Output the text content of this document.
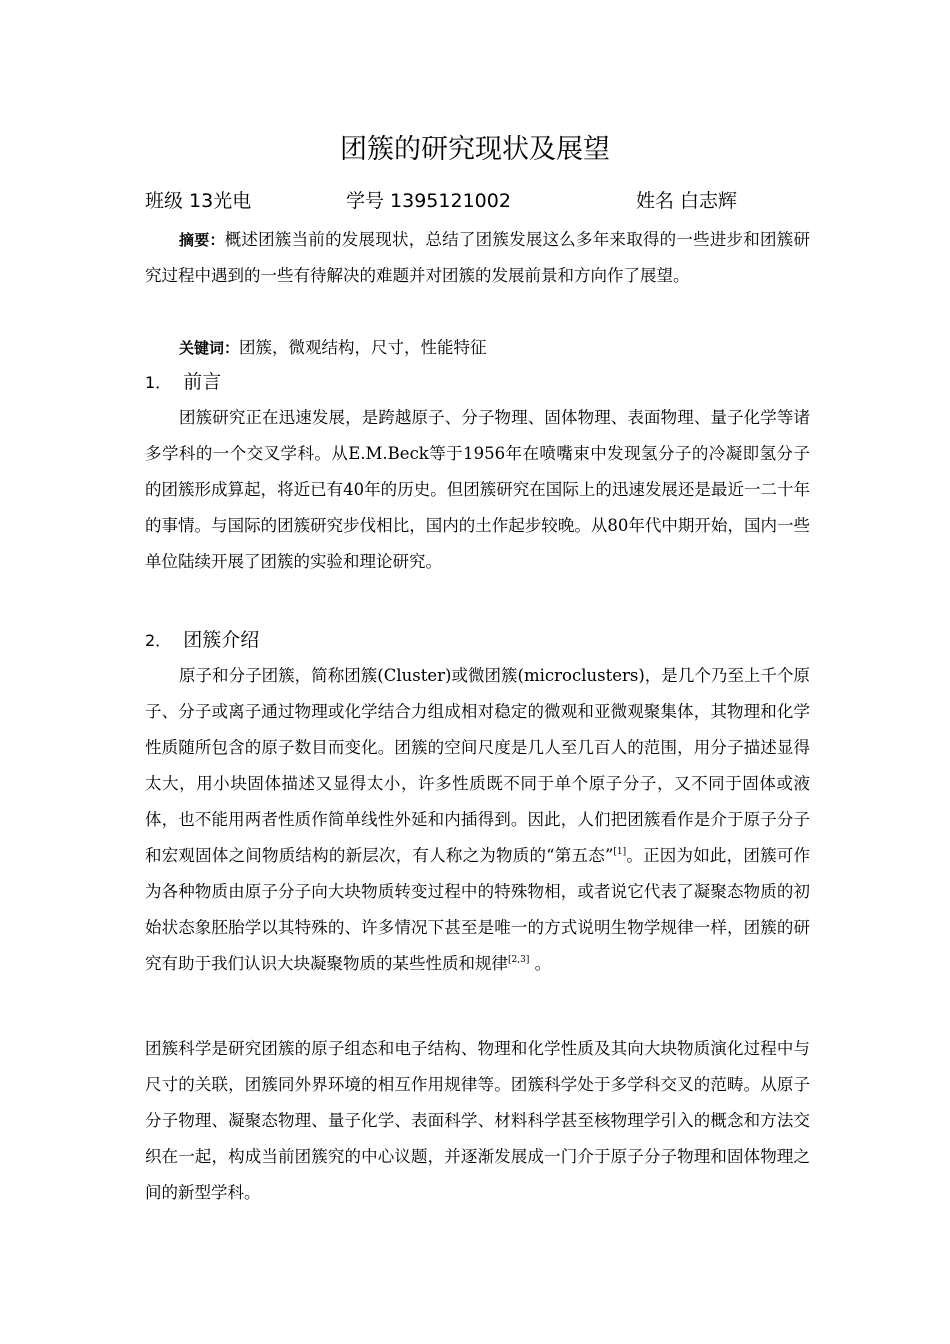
团簇的研究现状及展望
班级 13光电	学号 1395121002	姓名 白志辉

摘要：概述团簇当前的发展现状，总结了团簇发展这么多年来取得的一些进步和团簇研究过程中遇到的一些有待解决的难题并对团簇的发展前景和方向作了展望。

关键词：团簇，微观结构，尺寸，性能特征

1． 前言

团簇研究正在迅速发展，是跨越原子、分子物理、固体物理、表面物理、量子化学等诸多学科的一个交叉学科。从E.M.Beck等于1956年在喷嘴束中发现氢分子的冷凝即氢分子的团簇形成算起，将近已有40年的历史。但团簇研究在国际上的迅速发展还是最近一二十年的事情。与国际的团簇研究步伐相比，国内的土作起步较晚。从80年代中期开始，国内一些单位陆续开展了团簇的实验和理论研究。

2． 团簇介绍

原子和分子团簇，简称团簇(Cluster)或微团簇(microclusters)，是几个乃至上千个原子、分子或离子通过物理或化学结合力组成相对稳定的微观和亚微观聚集体，其物理和化学性质随所包含的原子数目而变化。团簇的空间尺度是几人至几百人的范围，用分子描述显得太大，用小块固体描述又显得太小，许多性质既不同于单个原子分子，又不同于固体或液体，也不能用两者性质作简单线性外延和内插得到。因此，人们把团簇看作是介于原子分子和宏观固体之间物质结构的新层次，有人称之为物质的“第五态”[1]。正因为如此，团簇可作为各种物质由原子分子向大块物质转变过程中的特殊物相，或者说它代表了凝聚态物质的初始状态象胚胎学以其特殊的、许多情况下甚至是唯一的方式说明生物学规律一样，团簇的研究有助于我们认识大块凝聚物质的某些性质和规律[2,3] 。

团簇科学是研究团簇的原子组态和电子结构、物理和化学性质及其向大块物质演化过程中与尺寸的关联，团簇同外界环境的相互作用规律等。团簇科学处于多学科交叉的范畴。从原子分子物理、凝聚态物理、量子化学、表面科学、材料科学甚至核物理学引入的概念和方法交织在一起，构成当前团簇究的中心议题，并逐渐发展成一门介于原子分子物理和固体物理之间的新型学科。
